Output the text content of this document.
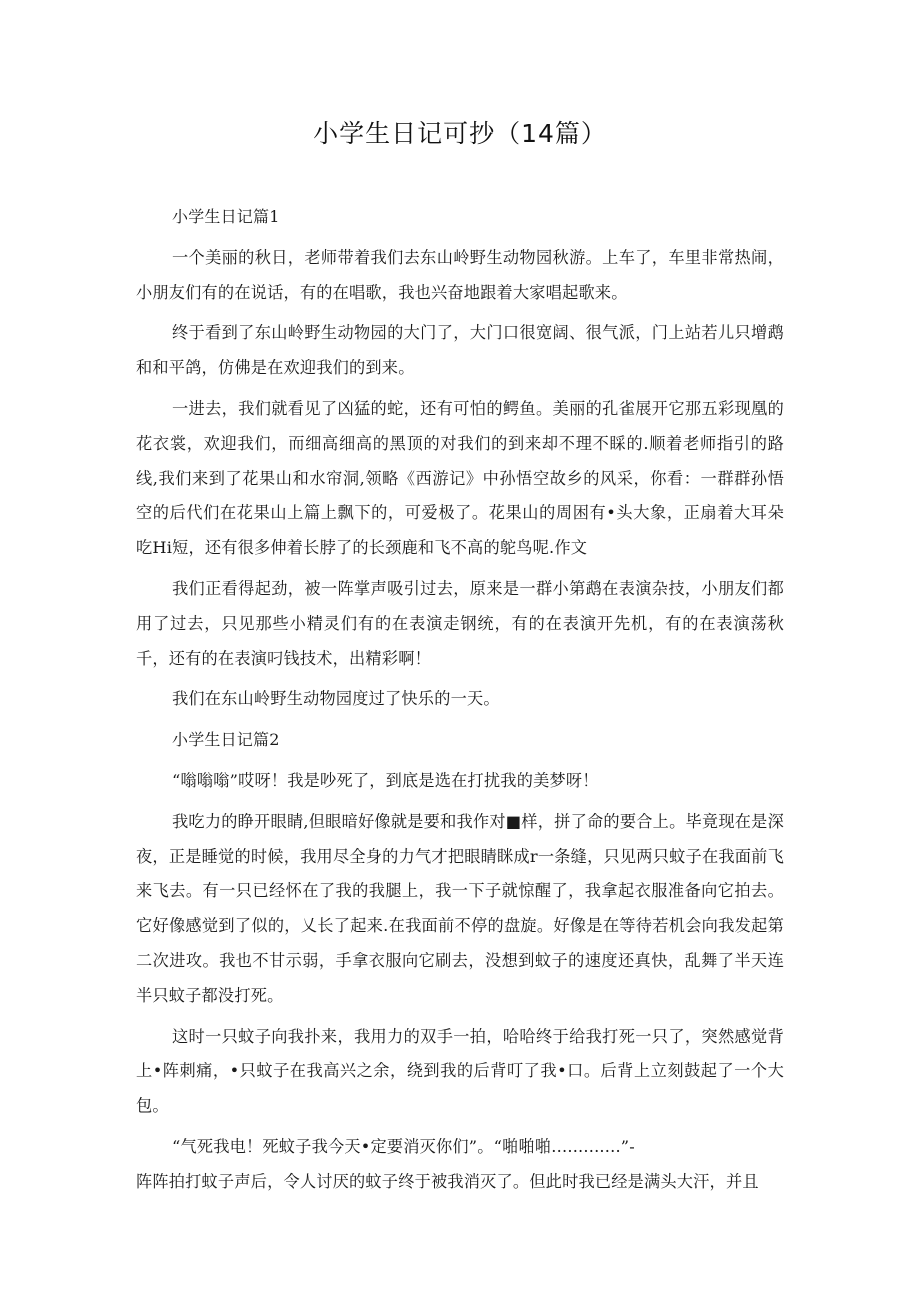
小学生日记可抄（14篇）

小学生日记篇1

一个美丽的秋日，老师带着我们去东山岭野生动物园秋游。上车了，车里非常热闹，小朋友们有的在说话，有的在唱歌，我也兴奋地跟着大家唱起歌来。

终于看到了东山岭野生动物园的大门了，大门口很宽阔、很气派，门上站若儿只增鹉和和平鸽，仿佛是在欢迎我们的到来。

一进去，我们就看见了凶猛的蛇，还有可怕的鳄鱼。美丽的孔雀展开它那五彩现凰的花衣裳，欢迎我们，而细高细高的黑顶的对我们的到来却不理不睬的.顺着老师指引的路线,我们来到了花果山和水帘洞,领略《西游记》中孙悟空故乡的风采，你看：一群群孙悟空的后代们在花果山上篇上飘下的，可爱极了。花果山的周困有•头大象，正扇着大耳朵吃Hi短，还有很多伸着长脖了的长颈鹿和飞不高的鸵鸟呢.作文

我们正看得起劲，被一阵掌声吸引过去，原来是一群小第鹉在表演杂技，小朋友们都用了过去，只见那些小精灵们有的在表演走钢统，有的在表演开先机，有的在表演荡秋千，还有的在表演叼钱技术，出精彩啊！

我们在东山岭野生动物园度过了快乐的一天。

小学生日记篇2

“嗡嗡嗡”哎呀！我是吵死了，到底是选在打扰我的美梦呀！

我吃力的睁开眼睛,但眼暗好像就是要和我作对■样，拼了命的要合上。毕竟现在是深夜，正是睡觉的时候，我用尽全身的力气才把眼睛眯成r一条缝，只见两只蚊子在我面前飞来飞去。有一只已经怀在了我的我腿上，我一下子就惊醒了，我拿起衣服准备向它拍去。它好像感觉到了似的，乂长了起来.在我面前不停的盘旋。好像是在等待若机会向我发起第二次进攻。我也不甘示弱，手拿衣服向它刷去，没想到蚊子的速度还真快，乱舞了半天连半只蚊子都没打死。

这时一只蚊子向我扑来，我用力的双手一拍，哈哈终于给我打死一只了，突然感觉背上•阵刺痛，•只蚊子在我高兴之余，绕到我的后背叮了我•口。后背上立刻鼓起了一个大包。

“气死我电！死蚊子我今天•定要消灭你们”。“啪啪啪.............”-

阵阵拍打蚊子声后，令人讨厌的蚊子终于被我消灭了。但此时我已经是满头大汗，并且
